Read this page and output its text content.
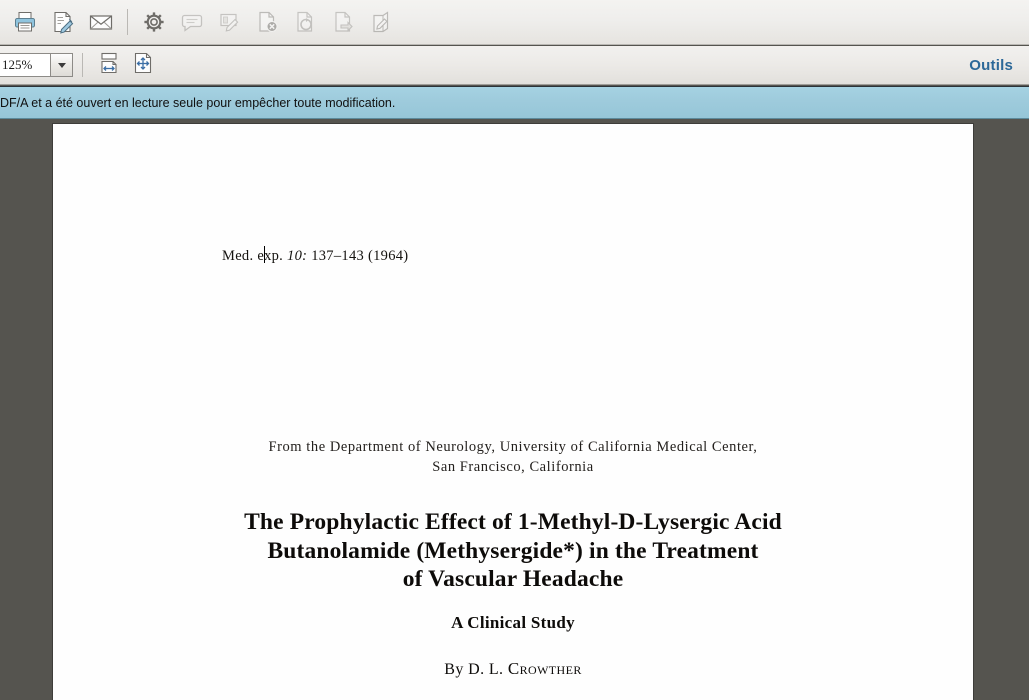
125%	Outils
DF/A et a été ouvert en lecture seule pour empêcher toute modification.
Med. exp. 10: 137–143 (1964)
From the Department of Neurology, University of California Medical Center,
San Francisco, California
The Prophylactic Effect of 1-Methyl-D-Lysergic Acid
Butanolamide (Methysergide*) in the Treatment
of Vascular Headache
A Clinical Study
By D. L. Crowther
